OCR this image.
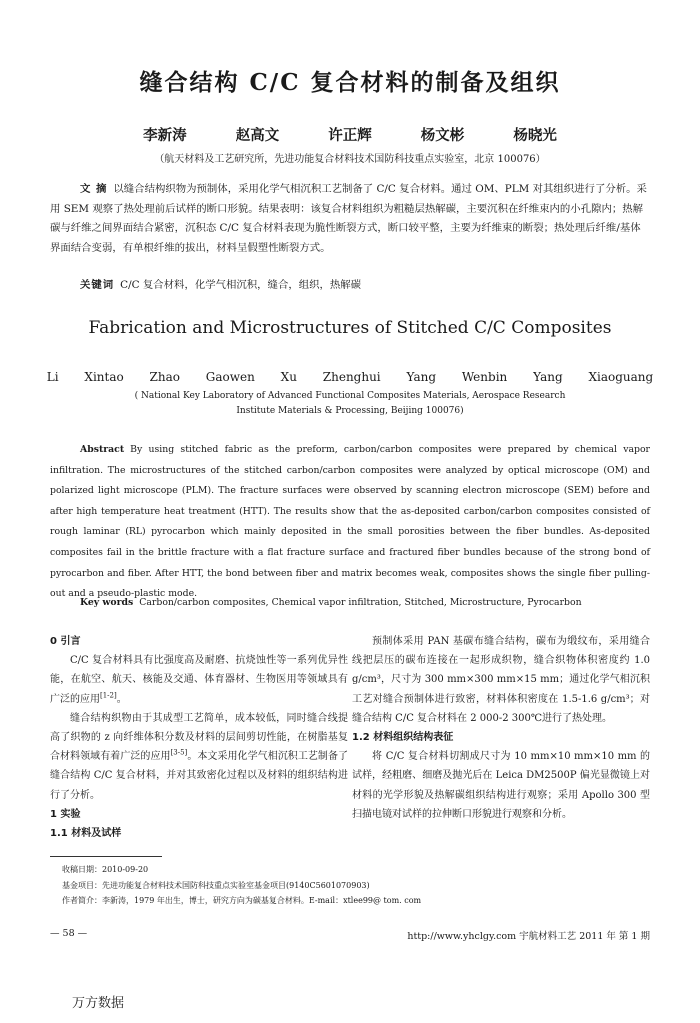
缝合结构 C/C 复合材料的制备及组织
李新涛 赵高文 许正辉 杨文彬 杨晓光
（航天材料及工艺研究所，先进功能复合材料技术国防科技重点实验室，北京 100076）
文 摘 以缝合结构织物为预制体，采用化学气相沉积工艺制备了 C/C 复合材料。通过 OM、PLM 对其组织进行了分析。采用 SEM 观察了热处理前后试样的断口形貌。结果表明：该复合材料组织为粗糙层热解碳，主要沉积在纤维束内的小孔隙内；热解碳与纤维之间界面结合紧密，沉积态 C/C 复合材料表现为脆性断裂方式，断口较平整，主要为纤维束的断裂；热处理后纤维/基体界面结合变弱，有单根纤维的拔出，材料呈假塑性断裂方式。
关键词 C/C 复合材料，化学气相沉积，缝合，组织，热解碳
Fabrication and Microstructures of Stitched C/C Composites
Li Xintao Zhao Gaowen Xu Zhenghui Yang Wenbin Yang Xiaoguang
( National Key Laboratory of Advanced Functional Composites Materials, Aerospace Research
Institute Materials & Processing, Beijing 100076)
Abstract By using stitched fabric as the preform, carbon/carbon composites were prepared by chemical vapor infiltration. The microstructures of the stitched carbon/carbon composites were analyzed by optical microscope (OM) and polarized light microscope (PLM). The fracture surfaces were observed by scanning electron microscope (SEM) before and after high temperature heat treatment (HTT). The results show that the as-deposited carbon/carbon composites consisted of rough laminar (RL) pyrocarbon which mainly deposited in the small porosities between the fiber bundles. As-deposited composites fail in the brittle fracture with a flat fracture surface and fractured fiber bundles because of the strong bond of pyrocarbon and fiber. After HTT, the bond between fiber and matrix becomes weak, composites shows the single fiber pulling-out and a pseudo-plastic mode.
Key words Carbon/carbon composites, Chemical vapor infiltration, Stitched, Microstructure, Pyrocarbon
0 引言
C/C 复合材料具有比强度高及耐磨、抗烧蚀性等一系列优异性能，在航空、航天、核能及交通、体育器材、生物医用等领域具有广泛的应用[1-2]。
缝合结构织物由于其成型工艺简单，成本较低，同时缝合线提高了织物的 z 向纤维体积分数及材料的层间剪切性能，在树脂基复合材料领域有着广泛的应用[3-5]。本文采用化学气相沉积工艺制备了缝合结构 C/C 复合材料，并对其致密化过程以及材料的组织结构进行了分析。
1 实验
1.1 材料及试样
预制体采用 PAN 基碳布缝合结构，碳布为缎纹布，采用缝合线把层压的碳布连接在一起形成织物，缝合织物体积密度约 1.0 g/cm³，尺寸为 300 mm×300 mm×15 mm；通过化学气相沉积工艺对缝合预制体进行致密，材料体积密度在 1.5-1.6 g/cm³；对缝合结构 C/C 复合材料在 2 000-2 300℃进行了热处理。
1.2 材料组织结构表征
将 C/C 复合材料切割成尺寸为 10 mm×10 mm×10 mm 的试样，经粗磨、细磨及抛光后在 Leica DM2500P 偏光显微镜上对材料的光学形貌及热解碳组织结构进行观察；采用 Apollo 300 型扫描电镜对试样的拉伸断口形貌进行观察和分析。
收稿日期：2010-09-20
基金项目：先进功能复合材料技术国防科技重点实验室基金项目(9140C5601070903)
作者简介：李新涛，1979 年出生，博士，研究方向为碳基复合材料。E-mail：xtlee99@ tom. com
— 58 —	http://www.yhclgy.com 宇航材料工艺 2011 年 第 1 期
万方数据
